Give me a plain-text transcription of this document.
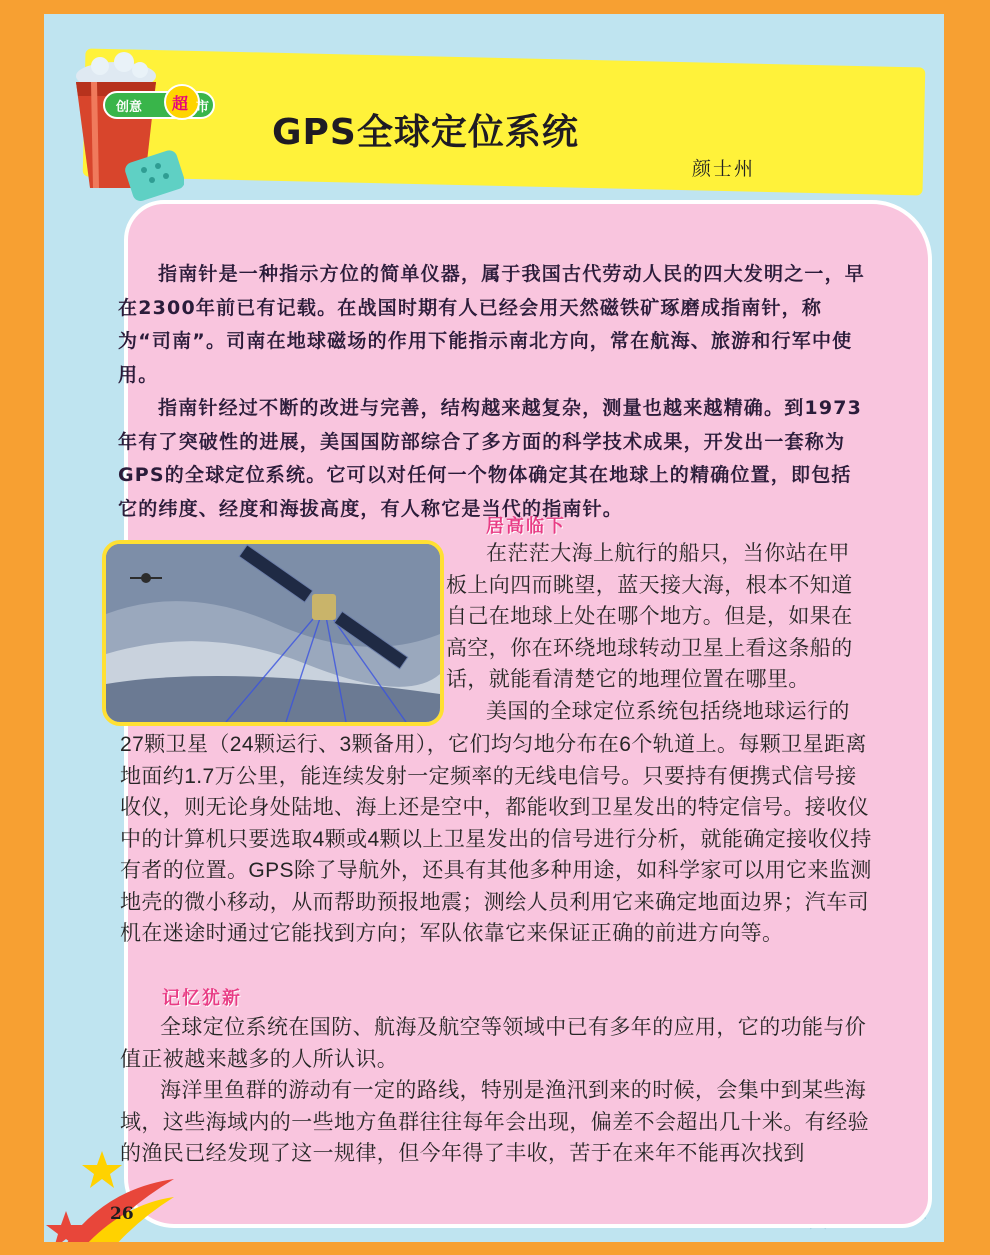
创意 超 市
GPS全球定位系统
颜士州

指南针是一种指示方位的简单仪器，属于我国古代劳动人民的四大发明之一，早在2300年前已有记载。在战国时期有人已经会用天然磁铁矿琢磨成指南针，称为“司南”。司南在地球磁场的作用下能指示南北方向，常在航海、旅游和行军中使用。

指南针经过不断的改进与完善，结构越来越复杂，测量也越来越精确。到1973年有了突破性的进展，美国国防部综合了多方面的科学技术成果，开发出一套称为GPS的全球定位系统。它可以对任何一个物体确定其在地球上的精确位置，即包括它的纬度、经度和海拔高度，有人称它是当代的指南针。

居高临下
在茫茫大海上航行的船只，当你站在甲
板上向四而眺望，蓝天接大海，根本不知道
自己在地球上处在哪个地方。但是，如果在
高空，你在环绕地球转动卫星上看这条船的
话，就能看清楚它的地理位置在哪里。
美国的全球定位系统包括绕地球运行的

27颗卫星（24颗运行、3颗备用），它们均匀地分布在6个轨道上。每颗卫星距离地面约1.7万公里，能连续发射一定频率的无线电信号。只要持有便携式信号接收仪，则无论身处陆地、海上还是空中，都能收到卫星发出的特定信号。接收仪中的计算机只要选取4颗或4颗以上卫星发出的信号进行分析，就能确定接收仪持有者的位置。GPS除了导航外，还具有其他多种用途，如科学家可以用它来监测地壳的微小移动，从而帮助预报地震；测绘人员利用它来确定地面边界；汽车司机在迷途时通过它能找到方向；军队依靠它来保证正确的前进方向等。

记忆犹新

全球定位系统在国防、航海及航空等领域中已有多年的应用，它的功能与价值正被越来越多的人所认识。

海洋里鱼群的游动有一定的路线，特别是渔汛到来的时候，会集中到某些海域，这些海域内的一些地方鱼群往往每年会出现，偏差不会超出几十米。有经验的渔民已经发现了这一规律，但今年得了丰收，苦于在来年不能再次找到

26
